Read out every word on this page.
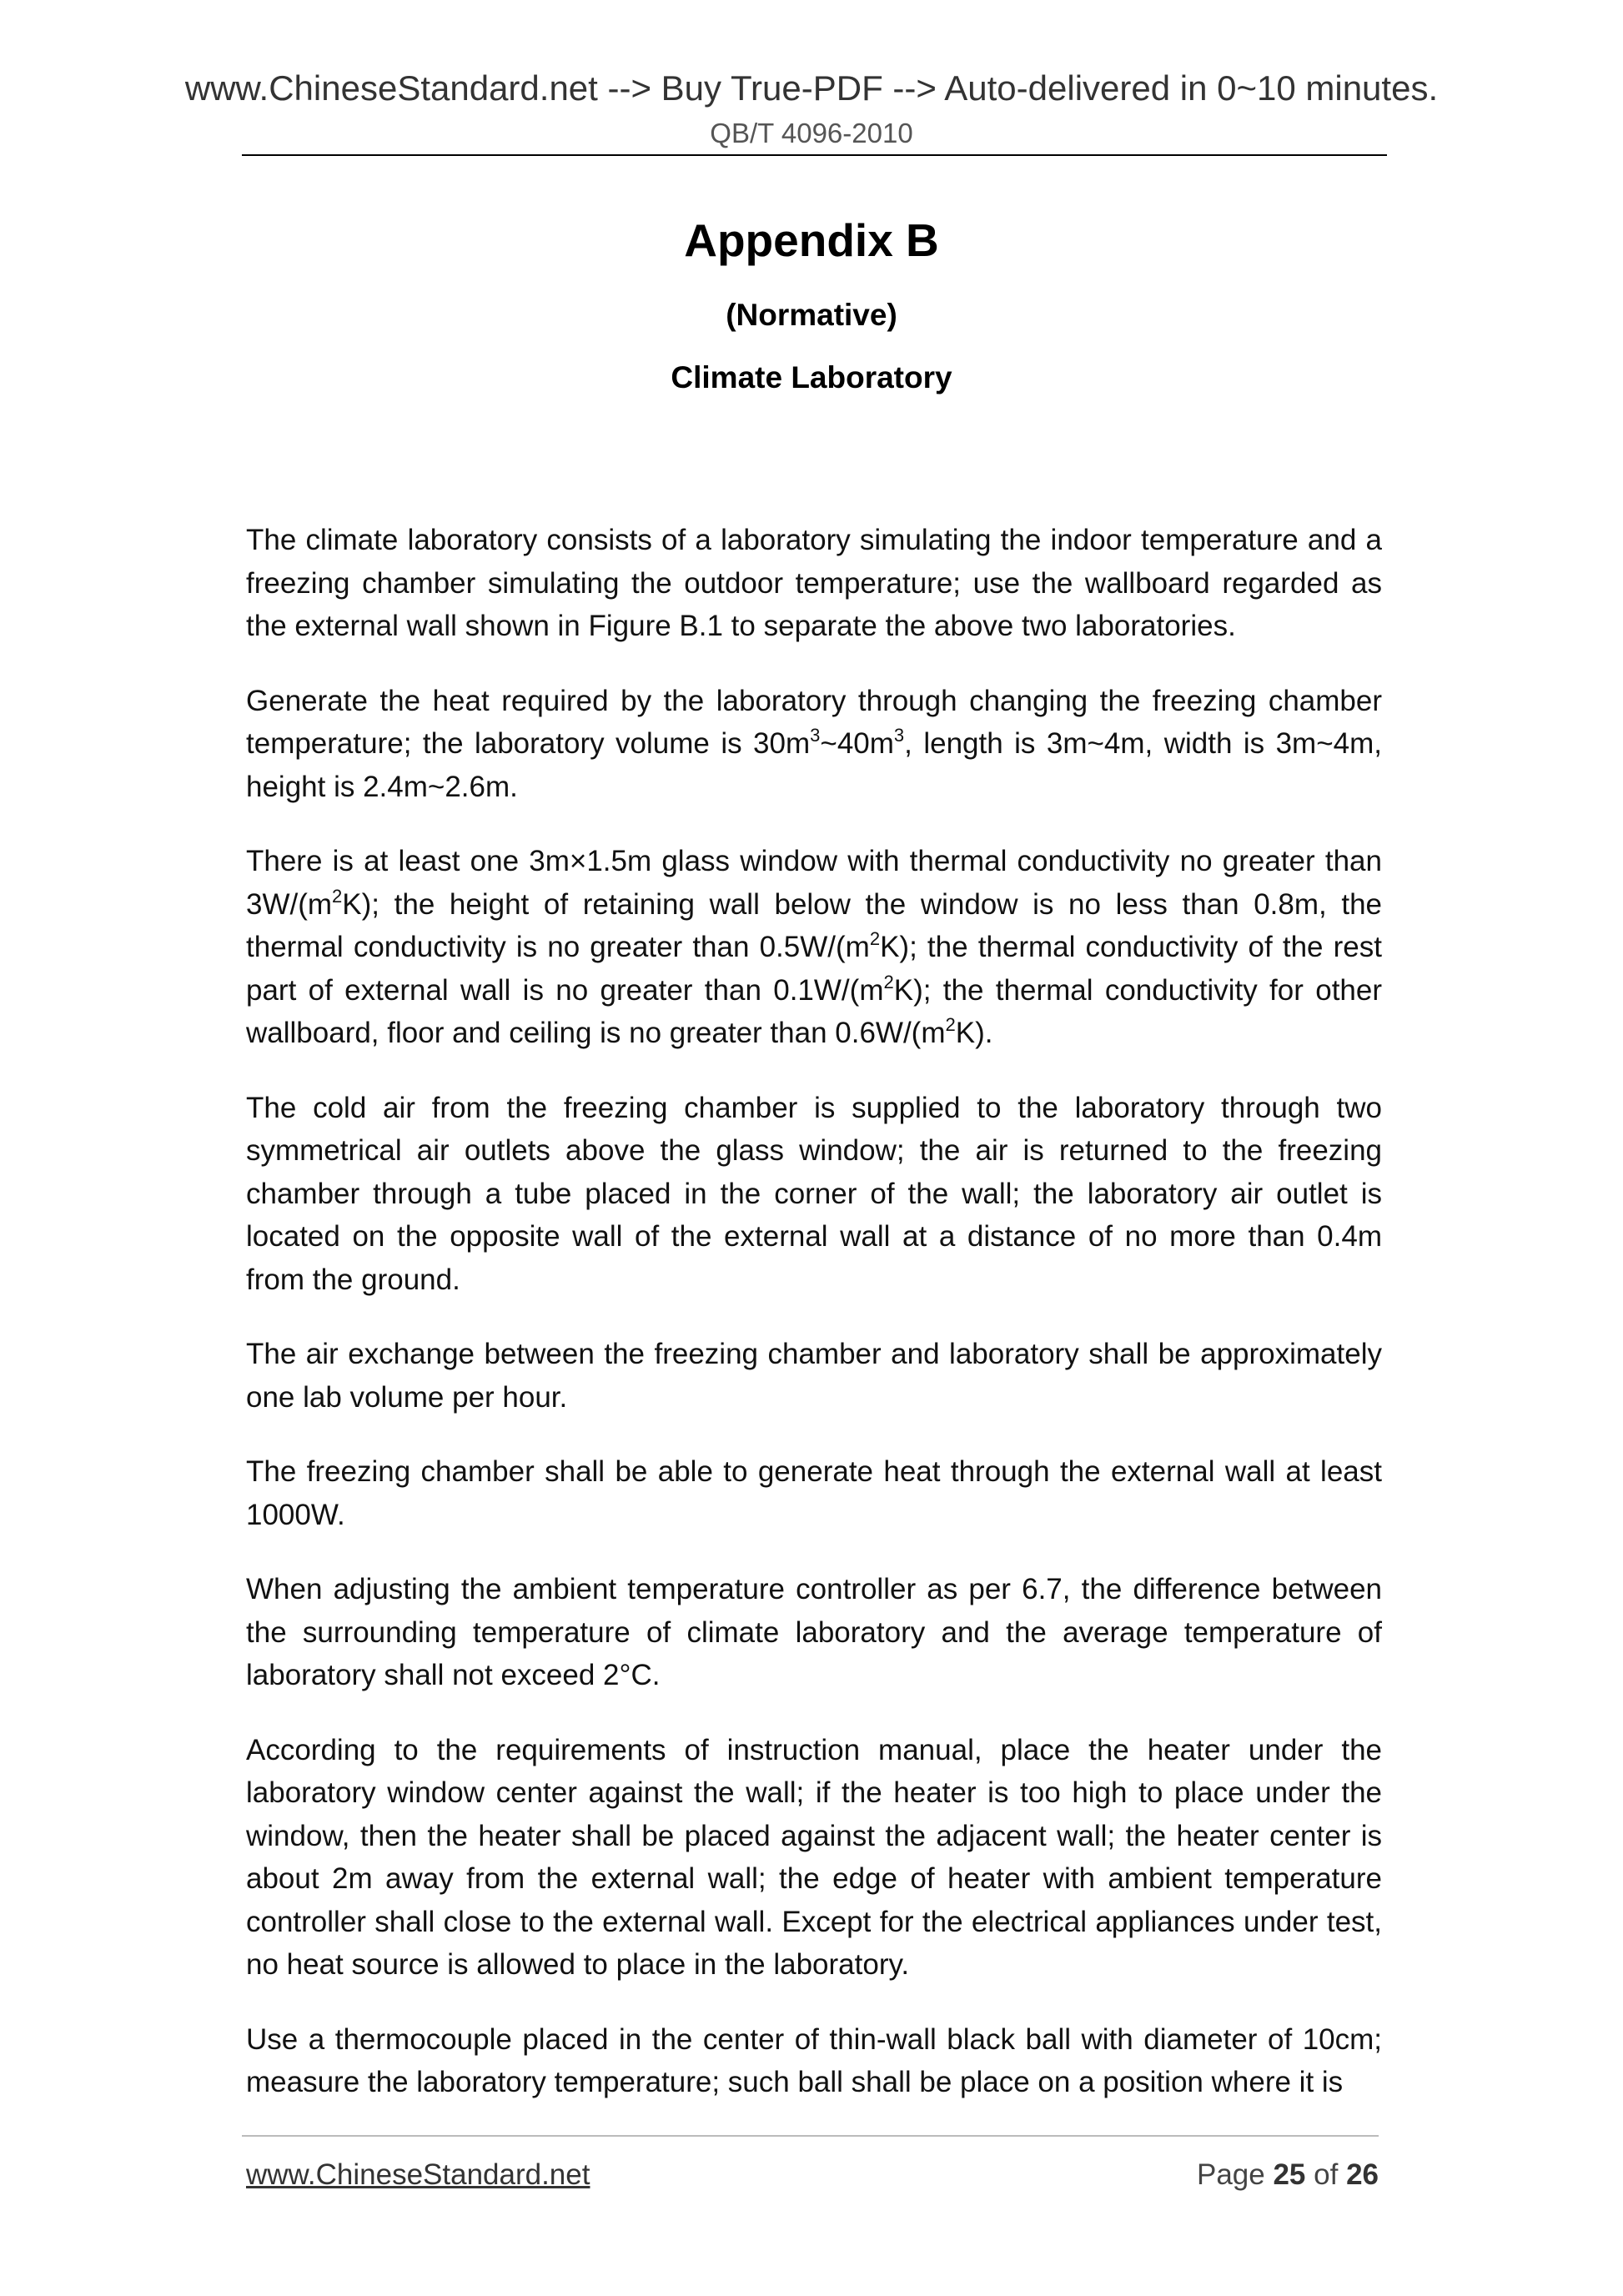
www.ChineseStandard.net --> Buy True-PDF --> Auto-delivered in 0~10 minutes.
QB/T 4096-2010
Appendix B
(Normative)
Climate Laboratory

The climate laboratory consists of a laboratory simulating the indoor temperature and a freezing chamber simulating the outdoor temperature; use the wallboard regarded as the external wall shown in Figure B.1 to separate the above two laboratories.

Generate the heat required by the laboratory through changing the freezing chamber temperature; the laboratory volume is $30m^3\sim 40m^3$, length is 3m~4m, width is 3m~4m, height is 2.4m~2.6m.

There is at least one 3m×1.5m glass window with thermal conductivity no greater than $3W/(m^2K)$; the height of retaining wall below the window is no less than 0.8m, the thermal conductivity is no greater than $0.5W/(m^2K)$; the thermal conductivity of the rest part of external wall is no greater than $0.1W/(m^2K)$; the thermal conductivity for other wallboard, floor and ceiling is no greater than $0.6W/(m^2K)$.

The cold air from the freezing chamber is supplied to the laboratory through two symmetrical air outlets above the glass window; the air is returned to the freezing chamber through a tube placed in the corner of the wall; the laboratory air outlet is located on the opposite wall of the external wall at a distance of no more than 0.4m from the ground.

The air exchange between the freezing chamber and laboratory shall be approximately one lab volume per hour.

The freezing chamber shall be able to generate heat through the external wall at least 1000W.

When adjusting the ambient temperature controller as per 6.7, the difference between the surrounding temperature of climate laboratory and the average temperature of laboratory shall not exceed 2°C.

According to the requirements of instruction manual, place the heater under the laboratory window center against the wall; if the heater is too high to place under the window, then the heater shall be placed against the adjacent wall; the heater center is about 2m away from the external wall; the edge of heater with ambient temperature controller shall close to the external wall. Except for the electrical appliances under test, no heat source is allowed to place in the laboratory.

Use a thermocouple placed in the center of thin-wall black ball with diameter of 10cm; measure the laboratory temperature; such ball shall be place on a position where it is

www.ChineseStandard.net	Page 25 of 26
